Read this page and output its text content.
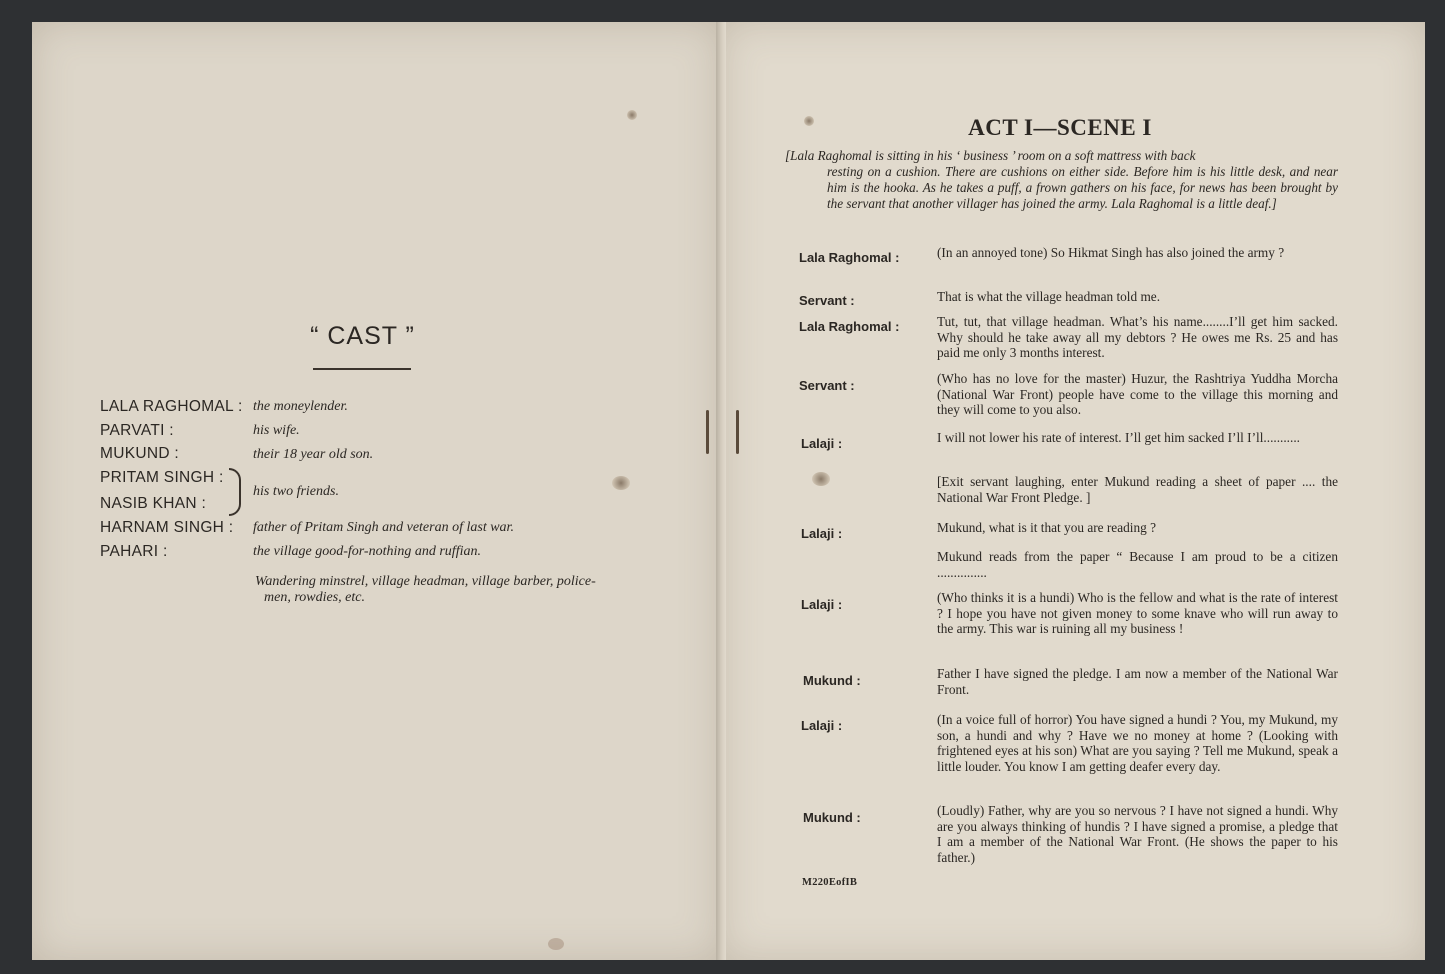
“ CAST ”
LALA RAGHOMAL : the moneylender.
PARVATI :	his wife.
MUKUND :	their 18 year old son.
PRITAM SINGH :
NASIB KHAN :
his two friends.
HARNAM SINGH : father of Pritam Singh and veteran of last war.
PAHARI :	the village good-for-nothing and ruffian.
Wandering minstrel, village headman, village barber, police-
men, rowdies, etc.
ACT I—SCENE I
[Lala Raghomal is sitting in his ‘ business ’ room on a soft mattress with back
resting on a cushion. There are cushions on either side. Before him is his little desk, and near him is the hooka. As he takes a puff, a frown gathers on his face, for news has been brought by the servant that another villager has joined the army. Lala Raghomal is a little deaf.]
Lala Raghomal :	(In an annoyed tone) So Hikmat Singh has also joined the army ?
Servant :	That is what the village headman told me.
Lala Raghomal :	Tut, tut, that village headman. What’s his name........I’ll get him sacked. Why should he take away all my debtors ? He owes me Rs. 25 and has paid me only 3 months interest.
Servant :	(Who has no love for the master) Huzur, the Rashtriya Yuddha Morcha (National War Front) people have come to the village this morning and they will come to you also.
Lalaji :	I will not lower his rate of interest. I’ll get him sacked I’ll I’ll...........
[Exit servant laughing, enter Mukund reading a sheet of paper .... the National War Front Pledge. ]
Lalaji :	Mukund, what is it that you are reading ?
Mukund reads from the paper “ Because I am proud to be a citizen ...............
Lalaji :	(Who thinks it is a hundi) Who is the fellow and what is the rate of interest ? I hope you have not given money to some knave who will run away to the army. This war is ruining all my business !
Mukund :	Father I have signed the pledge. I am now a member of the National War Front.
Lalaji :	(In a voice full of horror) You have signed a hundi ? You, my Mukund, my son, a hundi and why ? Have we no money at home ? (Looking with frightened eyes at his son) What are you saying ? Tell me Mukund, speak a little louder. You know I am getting deafer every day.
Mukund :	(Loudly) Father, why are you so nervous ? I have not signed a hundi. Why are you always thinking of hundis ? I have signed a promise, a pledge that I am a member of the National War Front. (He shows the paper to his father.)
M220EofIB
